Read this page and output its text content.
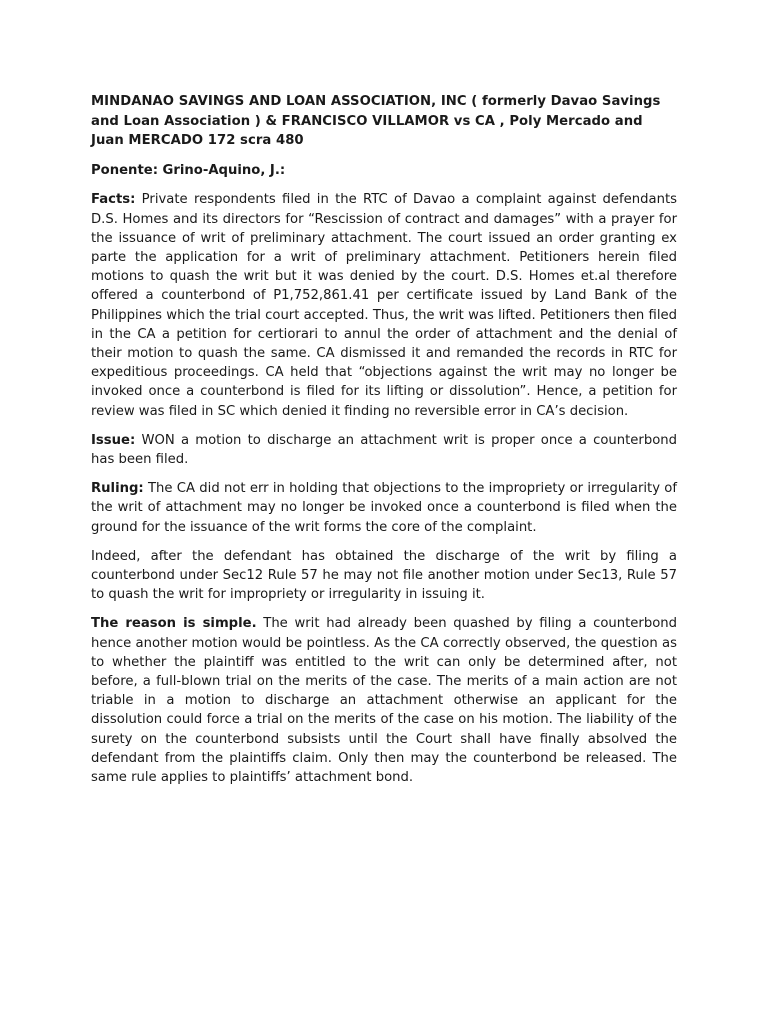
MINDANAO SAVINGS AND LOAN ASSOCIATION, INC ( formerly Davao Savings and Loan Association ) & FRANCISCO VILLAMOR vs CA , Poly Mercado and Juan MERCADO 172 scra 480
Ponente: Grino-Aquino, J.:

Facts: Private respondents filed in the RTC of Davao a complaint against defendants D.S. Homes and its directors for “Rescission of contract and damages” with a prayer for the issuance of writ of preliminary attachment. The court issued an order granting ex parte the application for a writ of preliminary attachment. Petitioners herein filed motions to quash the writ but it was denied by the court. D.S. Homes et.al therefore offered a counterbond of P1,752,861.41 per certificate issued by Land Bank of the Philippines which the trial court accepted. Thus, the writ was lifted. Petitioners then filed in the CA a petition for certiorari to annul the order of attachment and the denial of their motion to quash the same. CA dismissed it and remanded the records in RTC for expeditious proceedings. CA held that “objections against the writ may no longer be invoked once a counterbond is filed for its lifting or dissolution”. Hence, a petition for review was filed in SC which denied it finding no reversible error in CA’s decision.

Issue: WON a motion to discharge an attachment writ is proper once a counterbond has been filed.

Ruling: The CA did not err in holding that objections to the impropriety or irregularity of the writ of attachment may no longer be invoked once a counterbond is filed when the ground for the issuance of the writ forms the core of the complaint.

Indeed, after the defendant has obtained the discharge of the writ by filing a counterbond under Sec12 Rule 57 he may not file another motion under Sec13, Rule 57 to quash the writ for impropriety or irregularity in issuing it.

The reason is simple. The writ had already been quashed by filing a counterbond hence another motion would be pointless. As the CA correctly observed, the question as to whether the plaintiff was entitled to the writ can only be determined after, not before, a full-blown trial on the merits of the case. The merits of a main action are not triable in a motion to discharge an attachment otherwise an applicant for the dissolution could force a trial on the merits of the case on his motion. The liability of the surety on the counterbond subsists until the Court shall have finally absolved the defendant from the plaintiffs claim. Only then may the counterbond be released. The same rule applies to plaintiffs’ attachment bond.
